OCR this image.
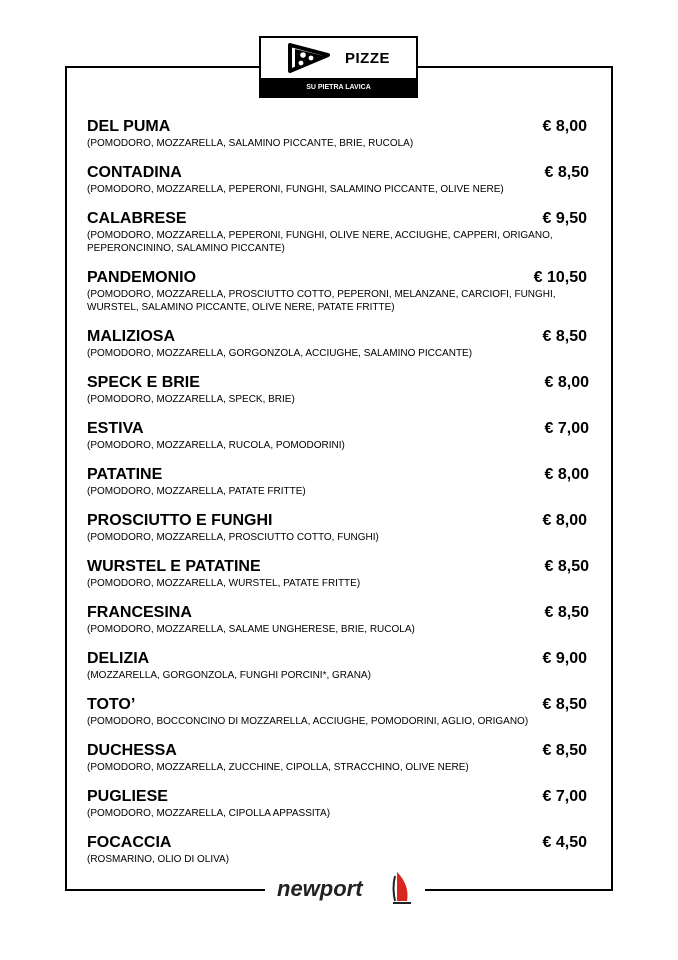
PIZZE
SU PIETRA LAVICA
DEL PUMA	€ 8,00
(POMODORO, MOZZARELLA, SALAMINO PICCANTE, BRIE, RUCOLA)
CONTADINA	€ 8,50
(POMODORO, MOZZARELLA, PEPERONI, FUNGHI, SALAMINO PICCANTE, OLIVE NERE)
CALABRESE	€ 9,50
(POMODORO, MOZZARELLA, PEPERONI, FUNGHI, OLIVE NERE, ACCIUGHE, CAPPERI, ORIGANO, PEPERONCININO, SALAMINO PICCANTE)
PANDEMONIO	€ 10,50
(POMODORO, MOZZARELLA, PROSCIUTTO COTTO, PEPERONI, MELANZANE, CARCIOFI, FUNGHI, WURSTEL, SALAMINO PICCANTE, OLIVE NERE, PATATE FRITTE)
MALIZIOSA	€ 8,50
(POMODORO, MOZZARELLA, GORGONZOLA, ACCIUGHE, SALAMINO PICCANTE)
SPECK E BRIE	€ 8,00
(POMODORO, MOZZARELLA, SPECK, BRIE)
ESTIVA	€ 7,00
(POMODORO, MOZZARELLA, RUCOLA, POMODORINI)
PATATINE	€ 8,00
(POMODORO, MOZZARELLA, PATATE FRITTE)
PROSCIUTTO E FUNGHI	€ 8,00
(POMODORO, MOZZARELLA, PROSCIUTTO COTTO, FUNGHI)
WURSTEL E PATATINE	€ 8,50
(POMODORO, MOZZARELLA, WURSTEL, PATATE FRITTE)
FRANCESINA	€ 8,50
(POMODORO, MOZZARELLA, SALAME UNGHERESE, BRIE, RUCOLA)
DELIZIA	€ 9,00
(MOZZARELLA, GORGONZOLA, FUNGHI PORCINI*, GRANA)
TOTO’	€ 8,50
(POMODORO, BOCCONCINO DI MOZZARELLA, ACCIUGHE, POMODORINI, AGLIO, ORIGANO)
DUCHESSA	€ 8,50
(POMODORO, MOZZARELLA, ZUCCHINE, CIPOLLA, STRACCHINO, OLIVE NERE)
PUGLIESE	€ 7,00
(POMODORO, MOZZARELLA, CIPOLLA APPASSITA)
FOCACCIA	€ 4,50
(ROSMARINO, OLIO DI OLIVA)
newport
